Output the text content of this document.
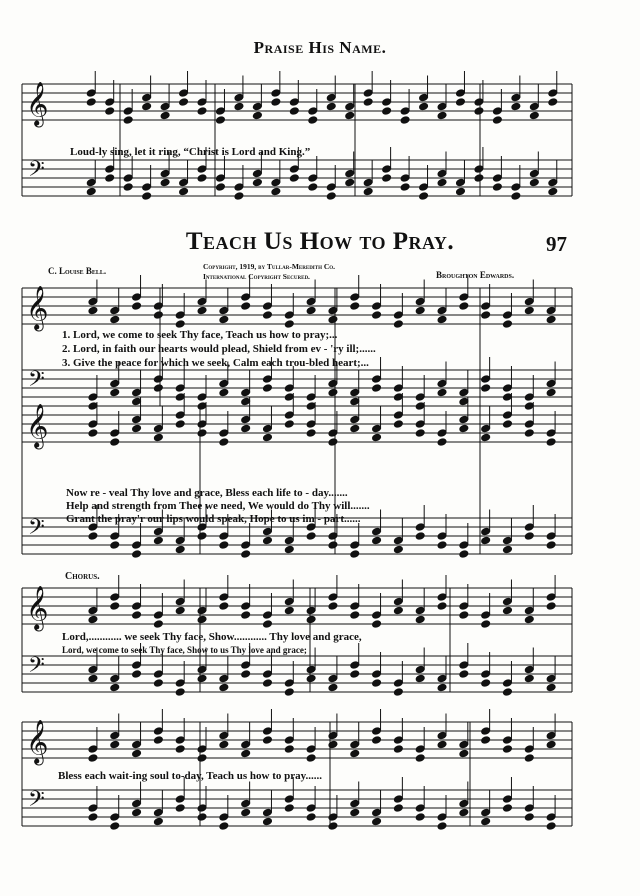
𝄞
𝄢
𝄞
𝄢
𝄞
𝄢
𝄞
𝄢
𝄞
𝄢
Praise His Name.
Loud-ly sing, let it ring, “Christ is Lord and King.”
Teach Us How to Pray.	97
C. Louise Bell.	Copyright, 1919, by Tullar-Meredith Co.
International Copyright Secured.	Broughton Edwards.
1. Lord, we come to seek Thy face, Teach us how to pray;...
2. Lord, in faith our hearts would plead, Shield from ev - 'ry ill;......
3. Give the peace for which we seek, Calm each trou-bled heart;...
Now re - veal Thy love and grace, Bless each life to - day.......
Help and strength from Thee we need, We would do Thy will.......
Grant the pray'r our lips would speak, Hope to us im - part......
Chorus.
Lord,............ we seek Thy face, Show............ Thy love and grace,
Lord, we come to seek Thy face, Show to us Thy love and grace;
Bless each wait-ing soul to-day, Teach us how to pray......
